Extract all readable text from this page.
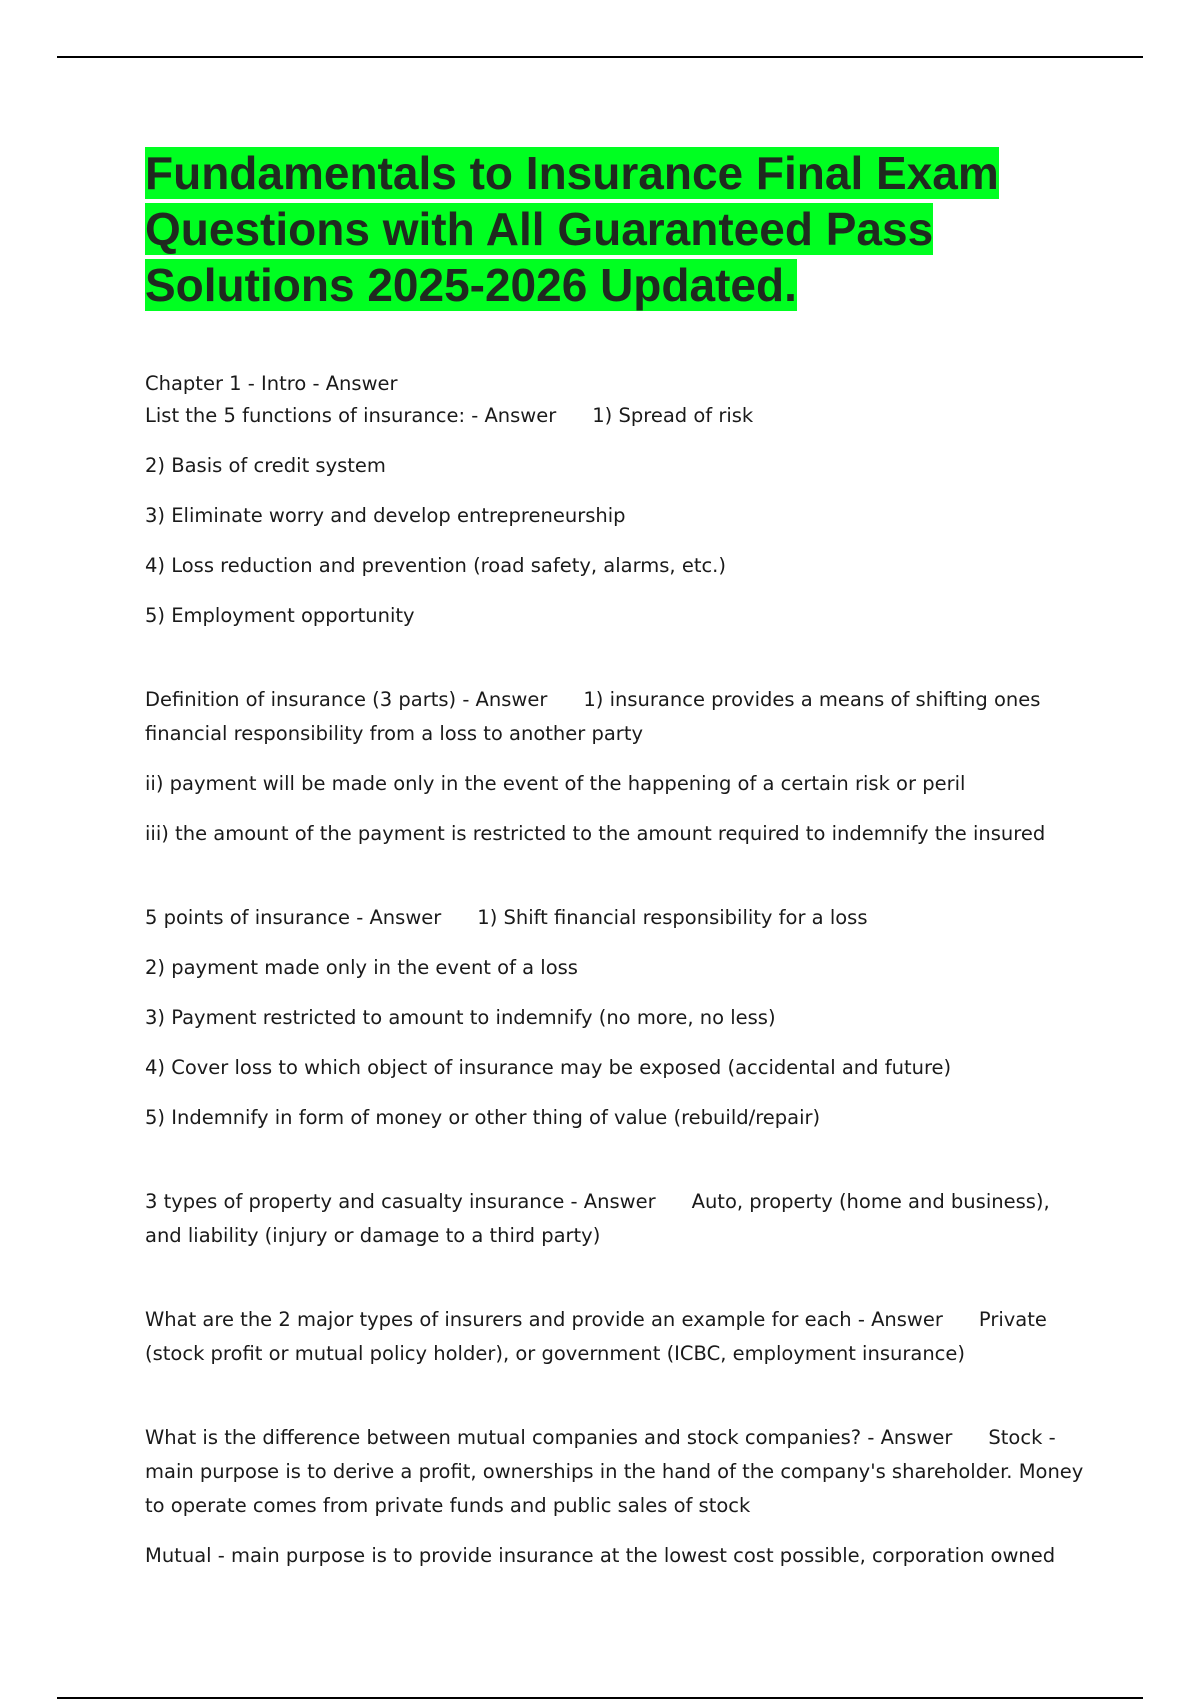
Fundamentals to Insurance Final Exam Questions with All Guaranteed Pass Solutions 2025-2026 Updated.

Chapter 1 - Intro - Answer

List the 5 functions of insurance: - Answer 1) Spread of risk

2) Basis of credit system

3) Eliminate worry and develop entrepreneurship

4) Loss reduction and prevention (road safety, alarms, etc.)

5) Employment opportunity

Definition of insurance (3 parts) - Answer 1) insurance provides a means of shifting ones financial responsibility from a loss to another party

ii) payment will be made only in the event of the happening of a certain risk or peril

iii) the amount of the payment is restricted to the amount required to indemnify the insured

5 points of insurance - Answer 1) Shift financial responsibility for a loss

2) payment made only in the event of a loss

3) Payment restricted to amount to indemnify (no more, no less)

4) Cover loss to which object of insurance may be exposed (accidental and future)

5) Indemnify in form of money or other thing of value (rebuild/repair)

3 types of property and casualty insurance - Answer Auto, property (home and business), and liability (injury or damage to a third party)

What are the 2 major types of insurers and provide an example for each - Answer Private (stock profit or mutual policy holder), or government (ICBC, employment insurance)

What is the difference between mutual companies and stock companies? - Answer Stock - main purpose is to derive a profit, ownerships in the hand of the company's shareholder. Money to operate comes from private funds and public sales of stock

Mutual - main purpose is to provide insurance at the lowest cost possible, corporation owned
